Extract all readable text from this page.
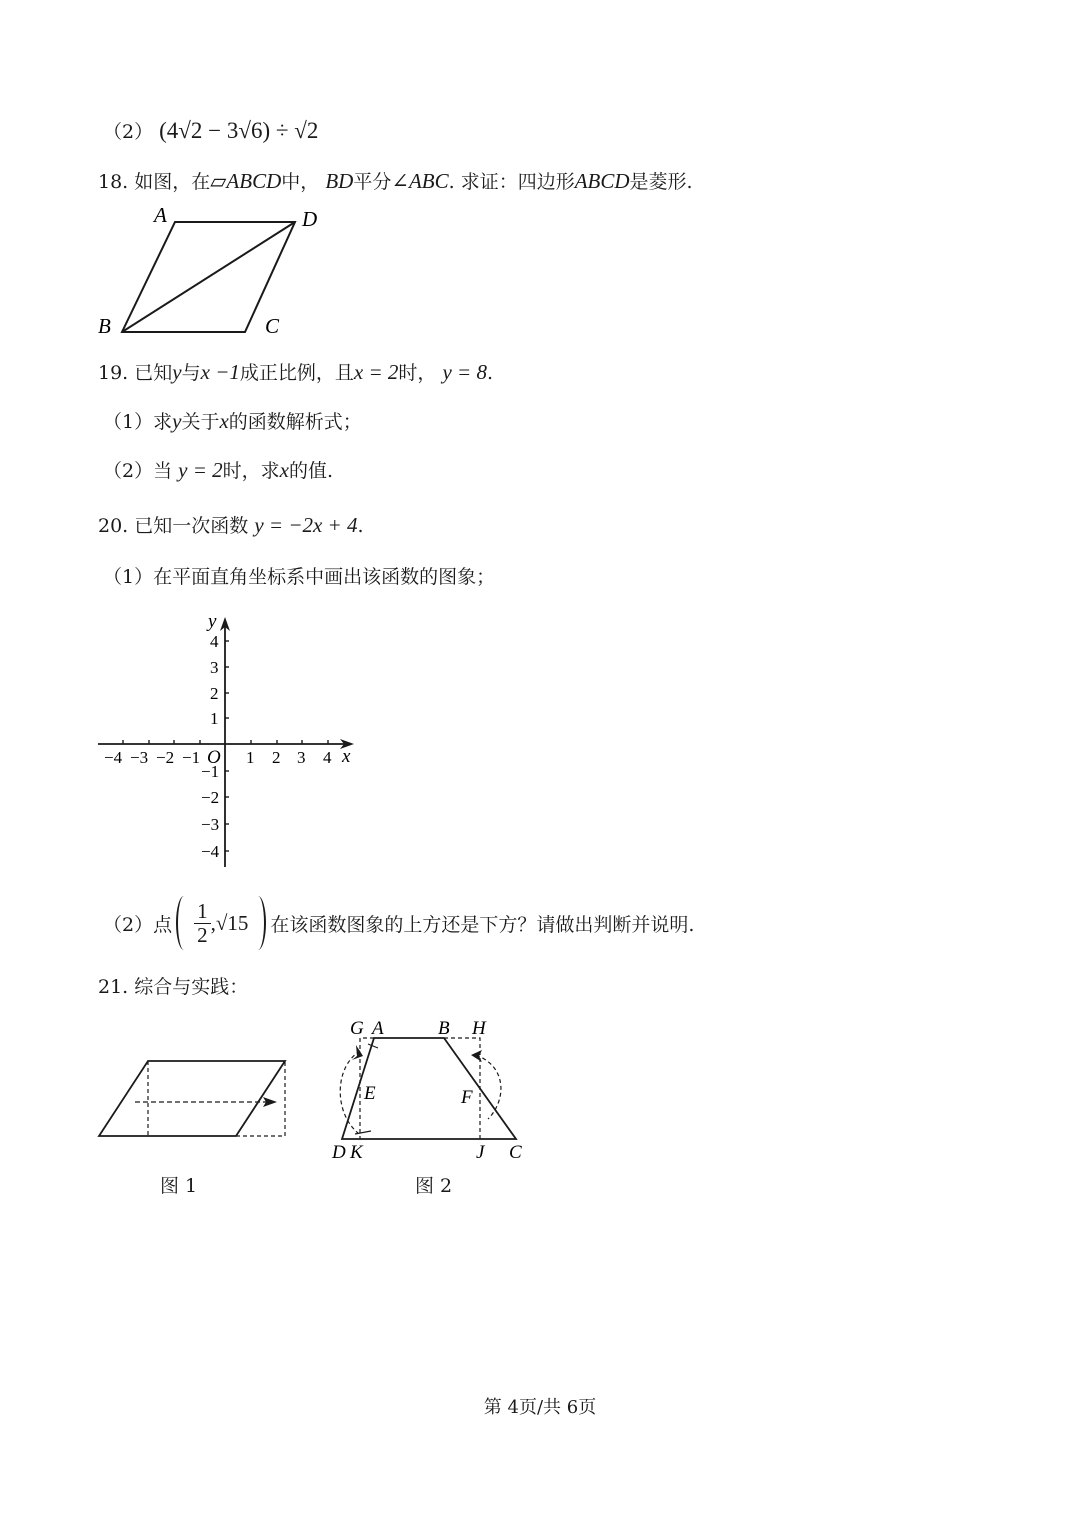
（2） (4√2 − 3√6) ÷ √2
18. 如图，在▱ABCD中， BD平分∠ABC. 求证：四边形ABCD是菱形.
A	D
B	C
19. 已知y与x −1成正比例，且x = 2时， y = 8.
（1）求y关于x的函数解析式；
（2）当 y = 2时，求x的值.
20. 已知一次函数 y = −2x + 4.
（1）在平面直角坐标系中画出该函数的图象；
y
x
O
−4 −3 −2 −1	1 2 3 4
4
3
2
1
−1
−2
−3
−4
（2） 点 $\frac{1}{2}$ , √15 在该函数图象的上方还是下方？请做出判断并说明.
21. 综合与实践：
图 1
G A	B H
E	F
D K	J C
图 2
第 4页/共 6页
